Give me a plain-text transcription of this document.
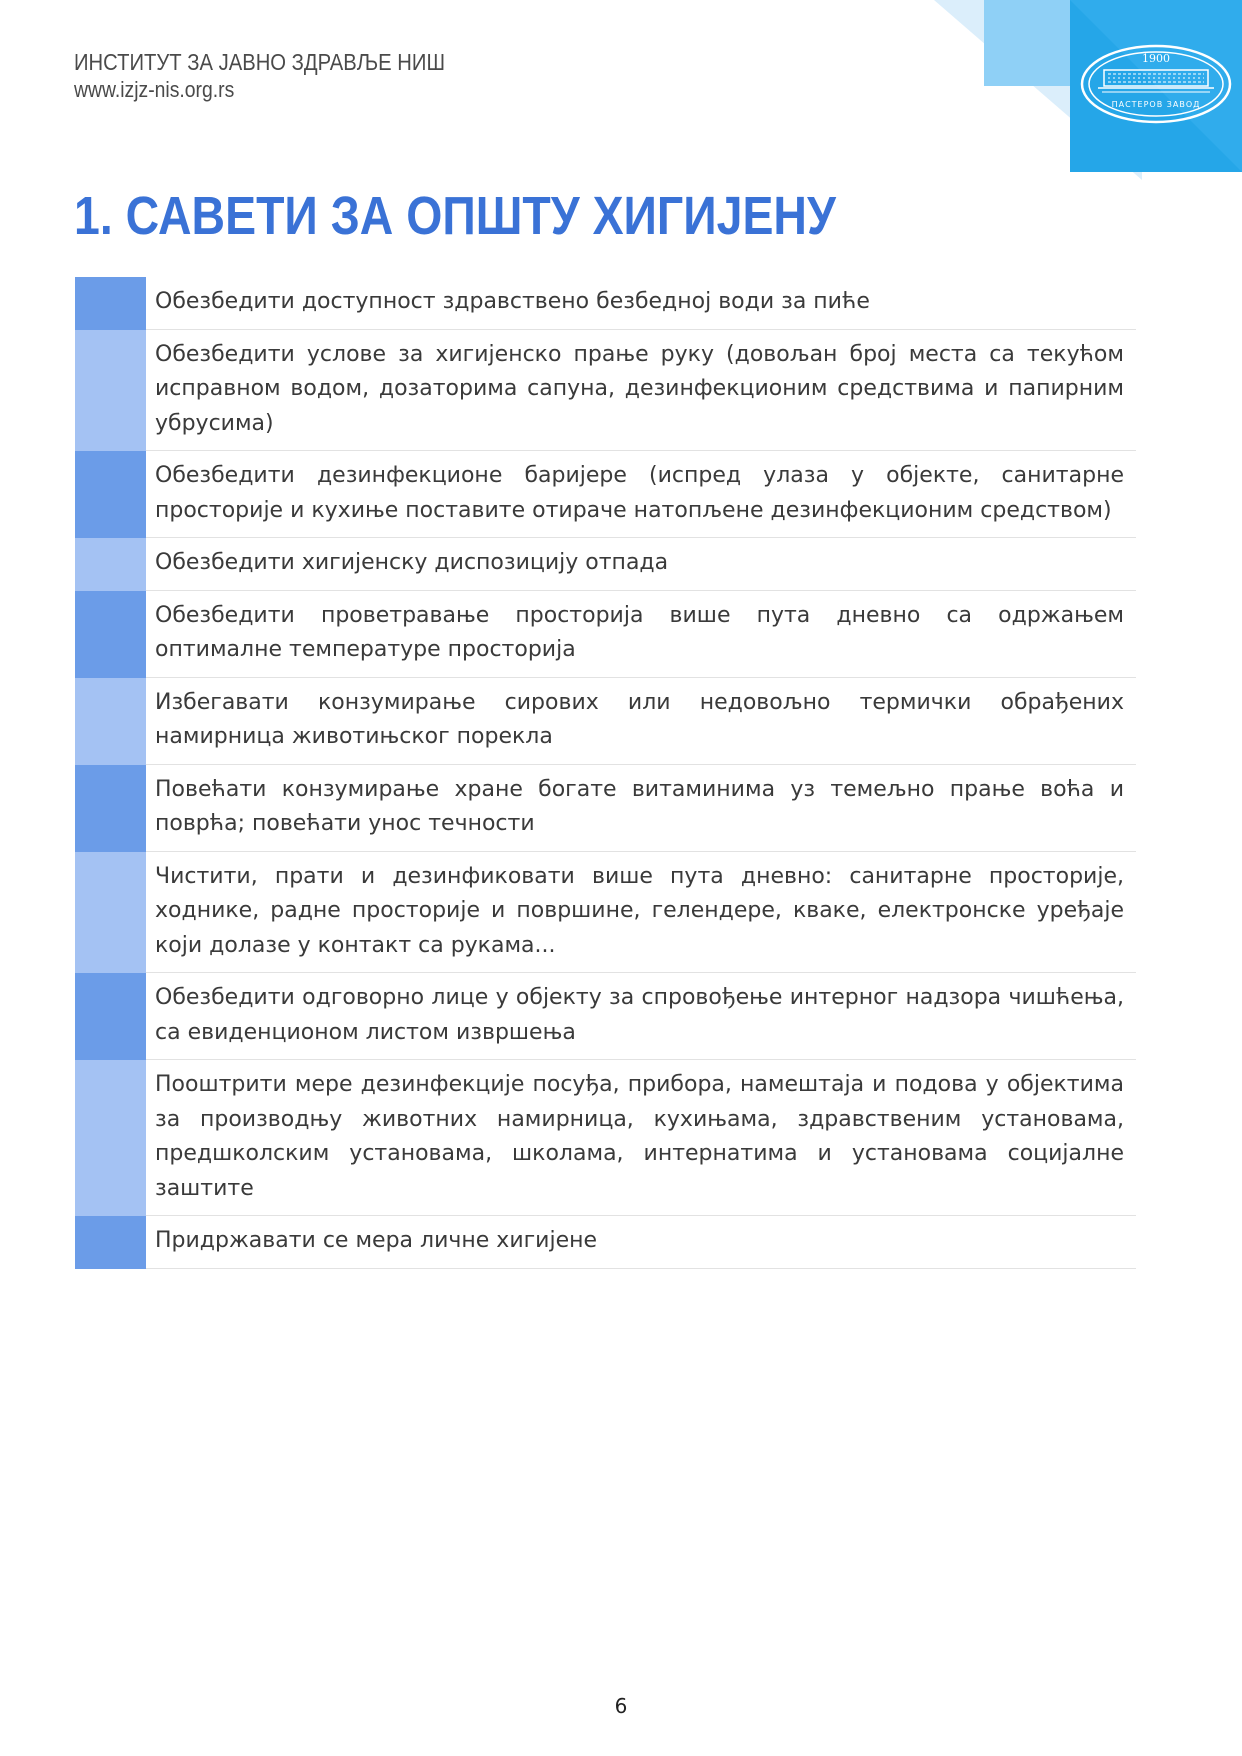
ИНСТИТУТ ЗА ЈАВНО ЗДРАВЉЕ НИШ
www.izjz-nis.org.rs
1900
ПАСТЕРОВ ЗАВОД
1. САВЕТИ ЗА ОПШТУ ХИГИЈЕНУ
Обезбедити доступност здравствено безбедној води за пиће
Обезбедити услове за хигијенско прање руку (довољан број места са текућом исправном водом, дозаторима сапуна, дезинфекционим средствима и папирним убрусима)
Обезбедити дезинфекционе баријере (испред улаза у објекте, санитарне просторије и кухиње поставите отираче натопљене дезинфекционим средством)
Обезбедити хигијенску диспозицију отпада
Обезбедити проветравање просторија више пута дневно са одржањем оптималне температуре просторија
Избегавати конзумирање сирових или недовољно термички обрађених намирница животињског порекла
Повећати конзумирање хране богате витаминима уз темељно прање воћа и поврћа; повећати унос течности
Чистити, прати и дезинфиковати више пута дневно: санитарне просторије, ходнике, радне просторије и површине, гелендере, кваке, електронске уређаје који долазе у контакт са рукама...
Обезбедити одговорно лице у објекту за спровођење интерног надзора чишћења, са евиденционом листом извршења
Пооштрити мере дезинфекције посуђа, прибора, намештаја и подова у објектима за производњу животних намирница, кухињама, здравственим установама, предшколским установама, школама, интернатима и установама социјалне заштите
Придржавати се мера личне хигијене
6
